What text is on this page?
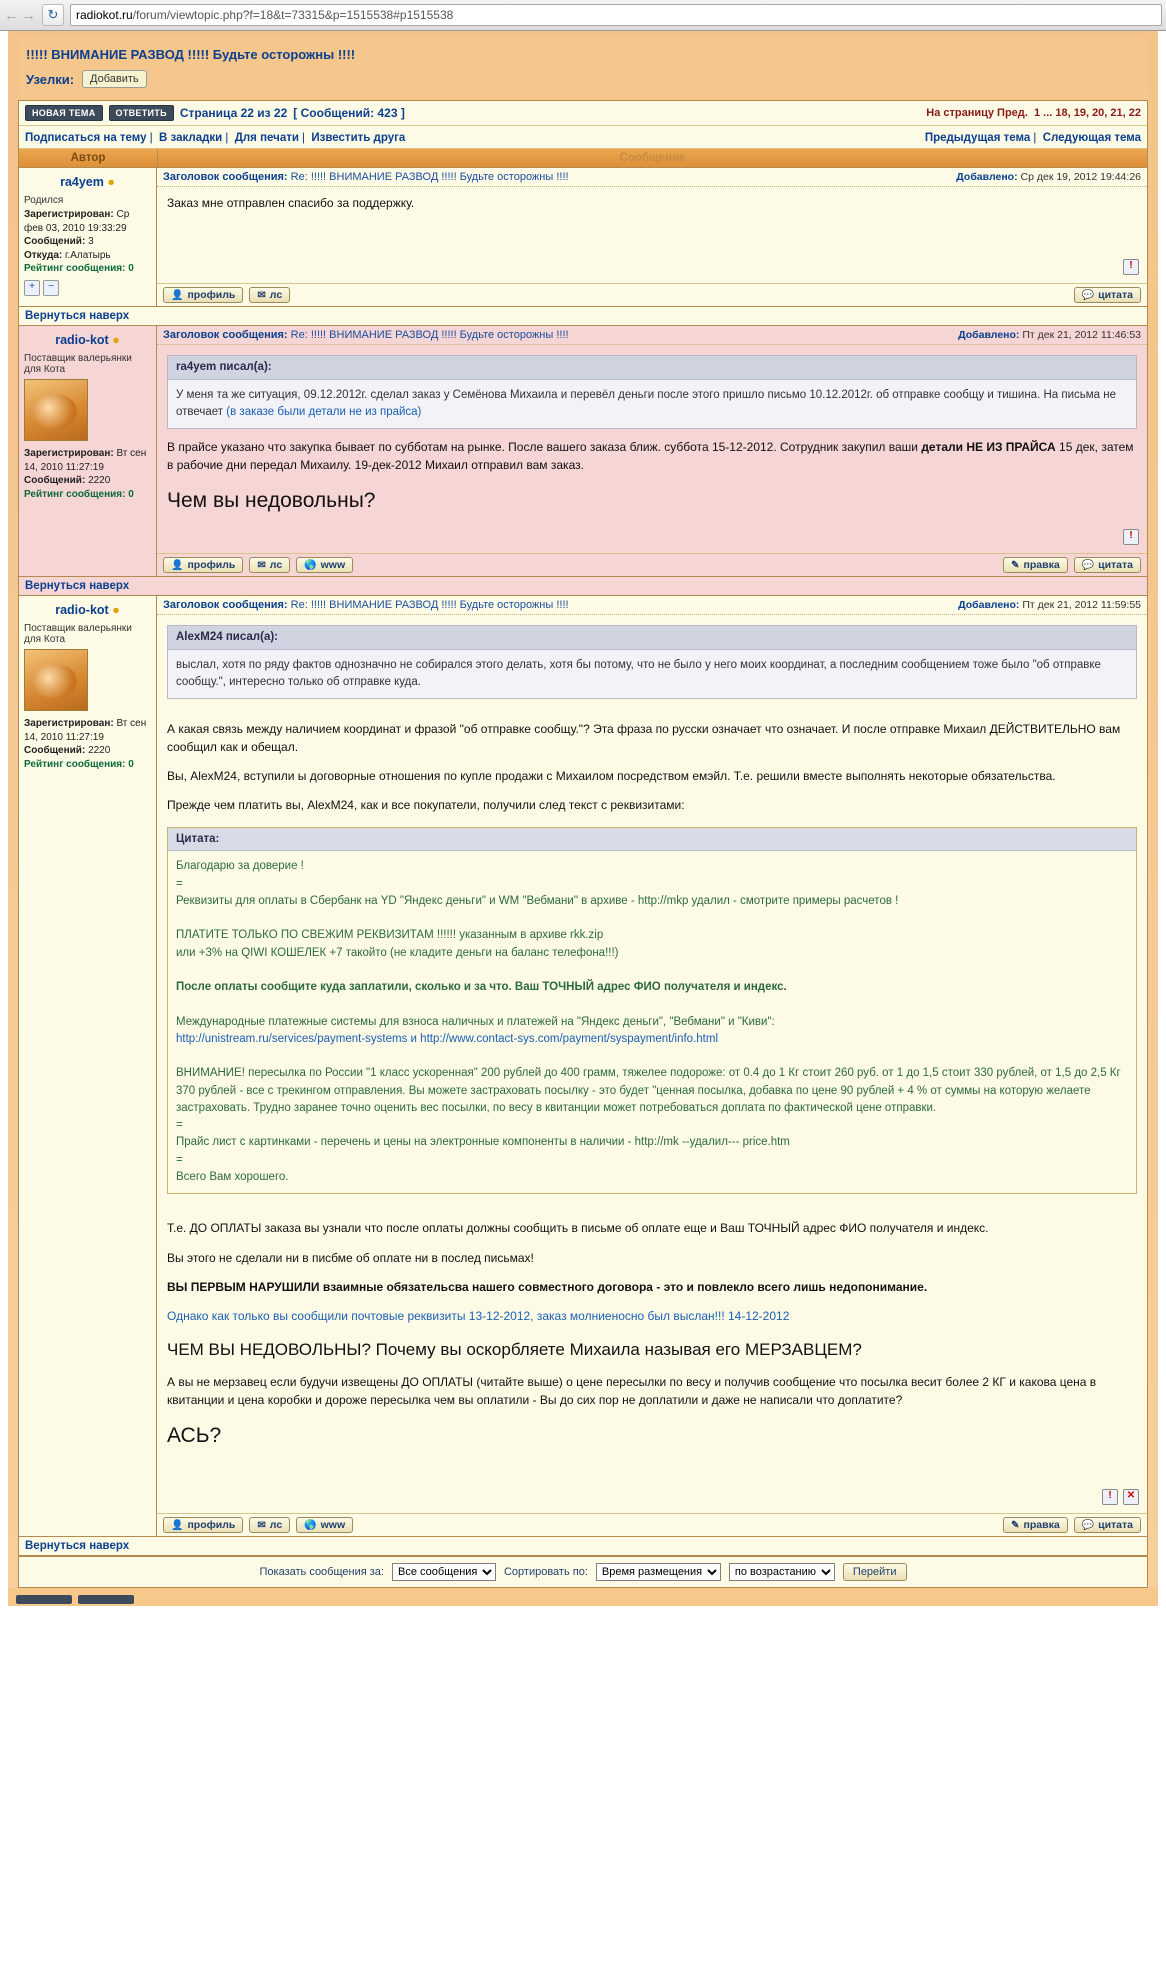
← → ↻	radiokot.ru /forum/viewtopic.php?f=18&t=73315&p=1515538#p1515538
!!!!! ВНИМАНИЕ РАЗВОД !!!!! Будьте осторожны !!!!
Узелки:	Добавить
НОВАЯ ТЕМА	ОТВЕТИТЬ	Страница 22 из 22 [ Сообщений: 423 ]	На страницу Пред. 1 ... 18, 19, 20, 21, 22
Подписаться на тему | В закладки | Для печати | Известить друга	Предыдущая тема | Следующая тема
Автор	Сообщение
ra4yem ●
Родился
Зарегистрирован: Ср фев 03, 2010 19:33:29
Сообщений: 3
Откуда: г.Алатырь
Рейтинг сообщения: 0
+	−
Заголовок сообщения: Re: !!!!! ВНИМАНИЕ РАЗВОД !!!!! Будьте осторожны !!!!	Добавлено: Ср дек 19, 2012 19:44:26

Заказ мне отправлен спасибо за поддержку.

!
👤 профиль ✉ лс	💬 цитата
Вернуться наверх
radio-kot ●
Поставщик валерьянки для Кота
Зарегистрирован: Вт сен 14, 2010 11:27:19
Сообщений: 2220
Рейтинг сообщения: 0
Заголовок сообщения: Re: !!!!! ВНИМАНИЕ РАЗВОД !!!!! Будьте осторожны !!!!	Добавлено: Пт дек 21, 2012 11:46:53
ra4yem писал(а):
У меня та же ситуация, 09.12.2012г. сделал заказ у Семёнова Михаила и перевёл деньги после этого пришло письмо 10.12.2012г. об отправке сообщу и тишина. На письма не отвечает (в заказе были детали не из прайса)

В прайсе указано что закупка бывает по субботам на рынке. После вашего заказа ближ. суббота 15-12-2012. Сотрудник закупил ваши детали НЕ ИЗ ПРАЙСА 15 дек, затем в рабочие дни передал Михаилу. 19-дек-2012 Михаил отправил вам заказ.

Чем вы недовольны?

!
👤 профиль ✉ лс 🌎 www	✎ правка 💬 цитата
Вернуться наверх
radio-kot ●
Поставщик валерьянки для Кота
Зарегистрирован: Вт сен 14, 2010 11:27:19
Сообщений: 2220
Рейтинг сообщения: 0
Заголовок сообщения: Re: !!!!! ВНИМАНИЕ РАЗВОД !!!!! Будьте осторожны !!!!	Добавлено: Пт дек 21, 2012 11:59:55
AlexM24 писал(а):
выслал, хотя по ряду фактов однозначно не собирался этого делать, хотя бы потому, что не было у него моих координат, а последним сообщением тоже было "об отправке сообщу.", интересно только об отправке куда.

А какая связь между наличием координат и фразой "об отправке сообщу."? Эта фраза по русски означает что означает. И после отправке Михаил ДЕЙСТВИТЕЛЬНО вам сообщил как и обещал.

Вы, AlexM24, вступили ы договорные отношения по купле продажи с Михаилом посредством емэйл. Т.е. решили вместе выполнять некоторые обязательства.

Прежде чем платить вы, AlexM24, как и все покупатели, получили след текст с реквизитами:

Цитата:
Благодарю за доверие !
=
Реквизиты для оплаты в Сбербанк на YD "Яндекс деньги" и WM "Вебмани" в архиве - http://mkp удалил - смотрите примеры расчетов !

ПЛАТИТЕ ТОЛЬКО ПО СВЕЖИМ РЕКВИЗИТАМ !!!!!! указанным в архиве rkk.zip
или +3% на QIWI КОШЕЛЕК +7 такойто (не кладите деньги на баланс телефона!!!)

После оплаты сообщите куда заплатили, сколько и за что. Ваш ТОЧНЫЙ адрес ФИО получателя и индекс.

Международные платежные системы для взноса наличных и платежей на "Яндекс деньги", "Вебмани" и "Киви":
http://unistream.ru/services/payment-systems и http://www.contact-sys.com/payment/syspayment/info.html

ВНИМАНИЕ! пересылка по России "1 класс ускоренная" 200 рублей до 400 грамм, тяжелее подороже: от 0.4 до 1 Кг стоит 260 руб. от 1 до 1,5 стоит 330 рублей, от 1,5 до 2,5 Кг 370 рублей - все с трекингом отправления. Вы можете застраховать посылку - это будет "ценная посылка, добавка по цене 90 рублей + 4 % от суммы на которую желаете застраховать. Трудно заранее точно оценить вес посылки, по весу в квитанции может потребоваться доплата по фактической цене отправки.
=
Прайс лист с картинками - перечень и цены на электронные компоненты в наличии - http://mk --удалил--- price.htm
=
Всего Вам хорошего.

Т.е. ДО ОПЛАТЫ заказа вы узнали что после оплаты должны сообщить в письме об оплате еще и Ваш ТОЧНЫЙ адрес ФИО получателя и индекс.

Вы этого не сделали ни в писбме об оплате ни в послед письмах!

ВЫ ПЕРВЫМ НАРУШИЛИ взаимные обязательсва нашего совместного договора - это и повлекло всего лишь недопонимание.

Однако как только вы сообщили почтовые реквизиты 13-12-2012, заказ молниеносно был выслан!!! 14-12-2012

ЧЕМ ВЫ НЕДОВОЛЬНЫ? Почему вы оскорбляете Михаила называя его МЕРЗАВЦЕМ?

А вы не мерзавец если будучи извещены ДО ОПЛАТЫ (читайте выше) о цене пересылки по весу и получив сообщение что посылка весит более 2 КГ и какова цена в квитанции и цена коробки и дороже пересылка чем вы оплатили - Вы до сих пор не доплатили и даже не написали что доплатите?

АСЬ?

!	✕
👤 профиль ✉ лс 🌎 www	✎ правка 💬 цитата
Вернуться наверх
Показать сообщения за:
Все сообщения	Сортировать по:
Время размещения
по возрастанию	Перейти
